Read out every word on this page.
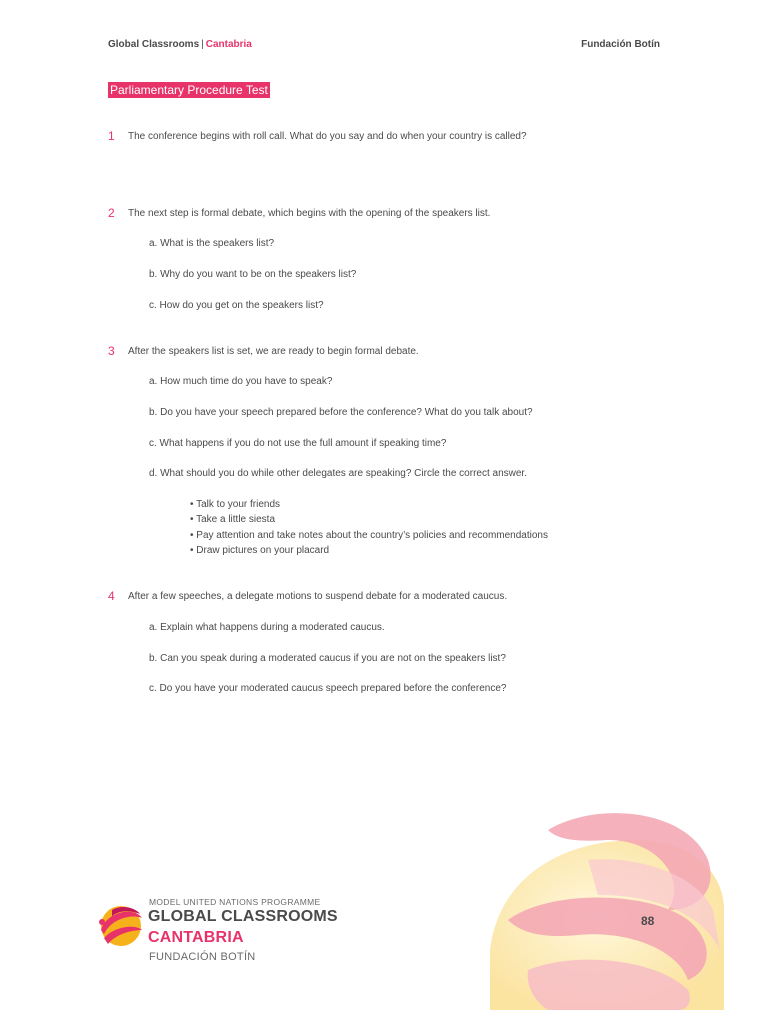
Global Classrooms | Cantabria	Fundación Botín
Parliamentary Procedure Test
1 The conference begins with roll call. What do you say and do when your country is called?
2 The next step is formal debate, which begins with the opening of the speakers list.
a. What is the speakers list?
b. Why do you want to be on the speakers list?
c. How do you get on the speakers list?
3 After the speakers list is set, we are ready to begin formal debate.
a. How much time do you have to speak?
b. Do you have your speech prepared before the conference? What do you talk about?
c. What happens if you do not use the full amount if speaking time?
d. What should you do while other delegates are speaking? Circle the correct answer.
• Talk to your friends
• Take a little siesta
• Pay attention and take notes about the country’s policies and recommendations
• Draw pictures on your placard
4 After a few speeches, a delegate motions to suspend debate for a moderated caucus.
a. Explain what happens during a moderated caucus.
b. Can you speak during a moderated caucus if you are not on the speakers list?
c. Do you have your moderated caucus speech prepared before the conference?
MODEL UNITED NATIONS PROGRAMME
GLOBAL CLASSROOMS
CANTABRIA
FUNDACIÓN BOTÍN
88
